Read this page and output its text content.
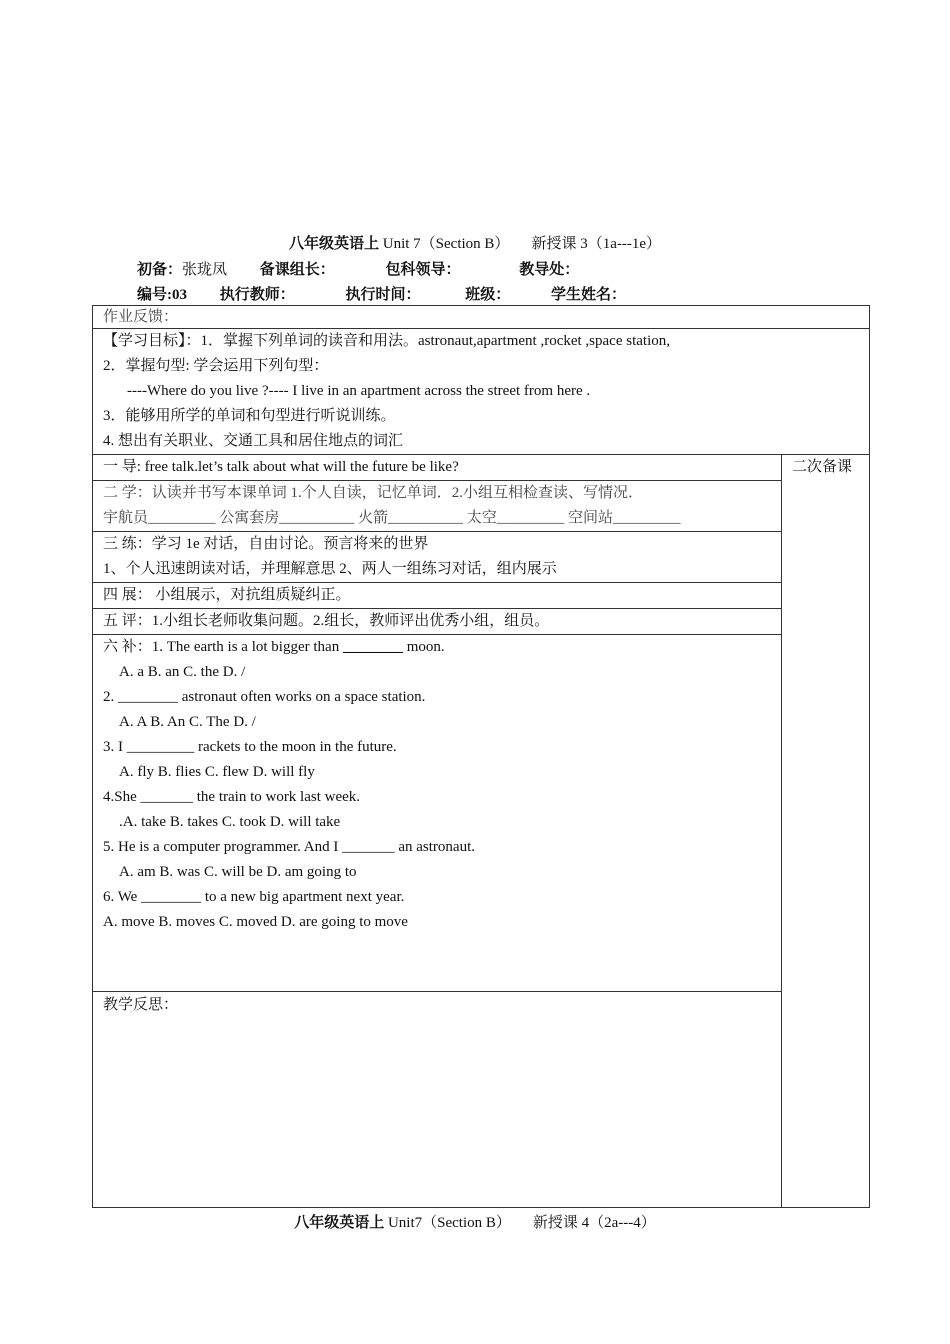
八年级英语上 Unit 7（Section B） 新授课 3（1a---1e）
初备：张珑凤 备课组长：	包科领导：	教导处：
编号:03 执行教师：	执行时间：	班级：	学生姓名：
作业反馈：

【学习目标】：1．掌握下列单词的读音和用法。astronaut,apartment ,rocket ,space station,
2．掌握句型: 学会运用下列句型：
----Where do you live ?---- I live in an apartment across the street from here .
3．能够用所学的单词和句型进行听说训练。
4. 想出有关职业、交通工具和居住地点的词汇

一 导: free talk.let’s talk about what will the future be like?	二次备课

二 学：认读并书写本课单词 1.个人自读，记忆单词．2.小组互相检查读、写情况．
宇航员_________ 公寓套房__________ 火箭__________ 太空_________ 空间站_________

三 练：学习 1e 对话，自由讨论。预言将来的世界
1、个人迅速朗读对话，并理解意思 2、两人一组练习对话，组内展示

四 展： 小组展示，对抗组质疑纠正。
五 评：1.小组长老师收集问题。2.组长，教师评出优秀小组，组员。

六 补：1. The earth is a lot bigger than ________ moon.
A. a B. an C. the D. /
2. ________ astronaut often works on a space station.
A. A B. An C. The D. /
3. I _________ rackets to the moon in the future.
A. fly B. flies C. flew D. will fly
4.She _______ the train to work last week.
.A. take B. takes C. took D. will take
5. He is a computer programmer. And I _______ an astronaut.
A. am B. was C. will be D. am going to
6. We ________ to a new big apartment next year.
A. move B. moves C. moved D. are going to move

教学反思：
八年级英语上 Unit7（Section B） 新授课 4（2a---4）
